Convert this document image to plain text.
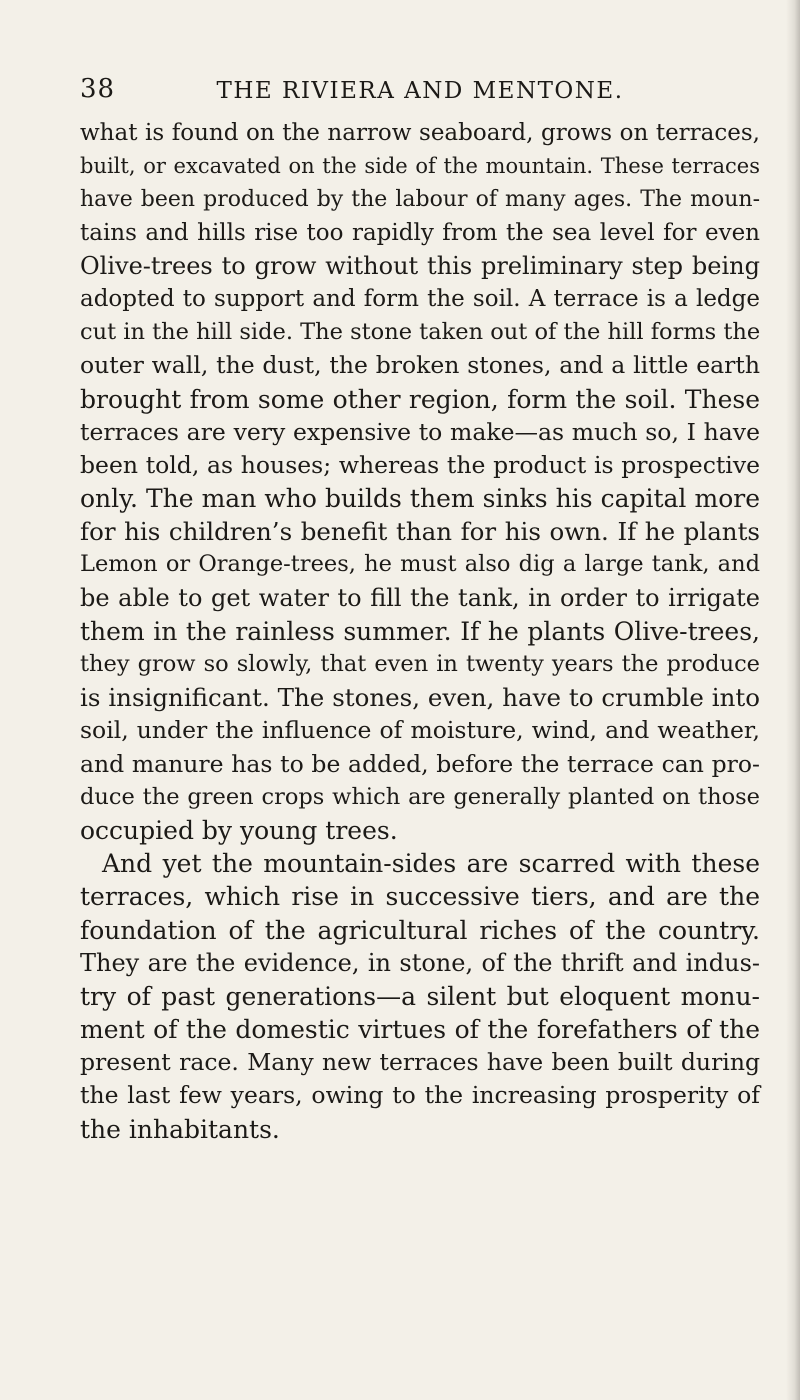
38	THE RIVIERA AND MENTONE.
what is found on the narrow seaboard, grows on terraces,
built, or excavated on the side of the mountain. These terraces
have been produced by the labour of many ages. The moun-
tains and hills rise too rapidly from the sea level for even
Olive-trees to grow without this preliminary step being
adopted to support and form the soil. A terrace is a ledge
cut in the hill side. The stone taken out of the hill forms the
outer wall, the dust, the broken stones, and a little earth
brought from some other region, form the soil. These
terraces are very expensive to make—as much so, I have
been told, as houses; whereas the product is prospective
only. The man who builds them sinks his capital more
for his children’s benefit than for his own. If he plants
Lemon or Orange-trees, he must also dig a large tank, and
be able to get water to fill the tank, in order to irrigate
them in the rainless summer. If he plants Olive-trees,
they grow so slowly, that even in twenty years the produce
is insignificant. The stones, even, have to crumble into
soil, under the influence of moisture, wind, and weather,
and manure has to be added, before the terrace can pro-
duce the green crops which are generally planted on those
occupied by young trees.
And yet the mountain-sides are scarred with these
terraces, which rise in successive tiers, and are the
foundation of the agricultural riches of the country.
They are the evidence, in stone, of the thrift and indus-
try of past generations—a silent but eloquent monu-
ment of the domestic virtues of the forefathers of the
present race. Many new terraces have been built during
the last few years, owing to the increasing prosperity of
the inhabitants.
